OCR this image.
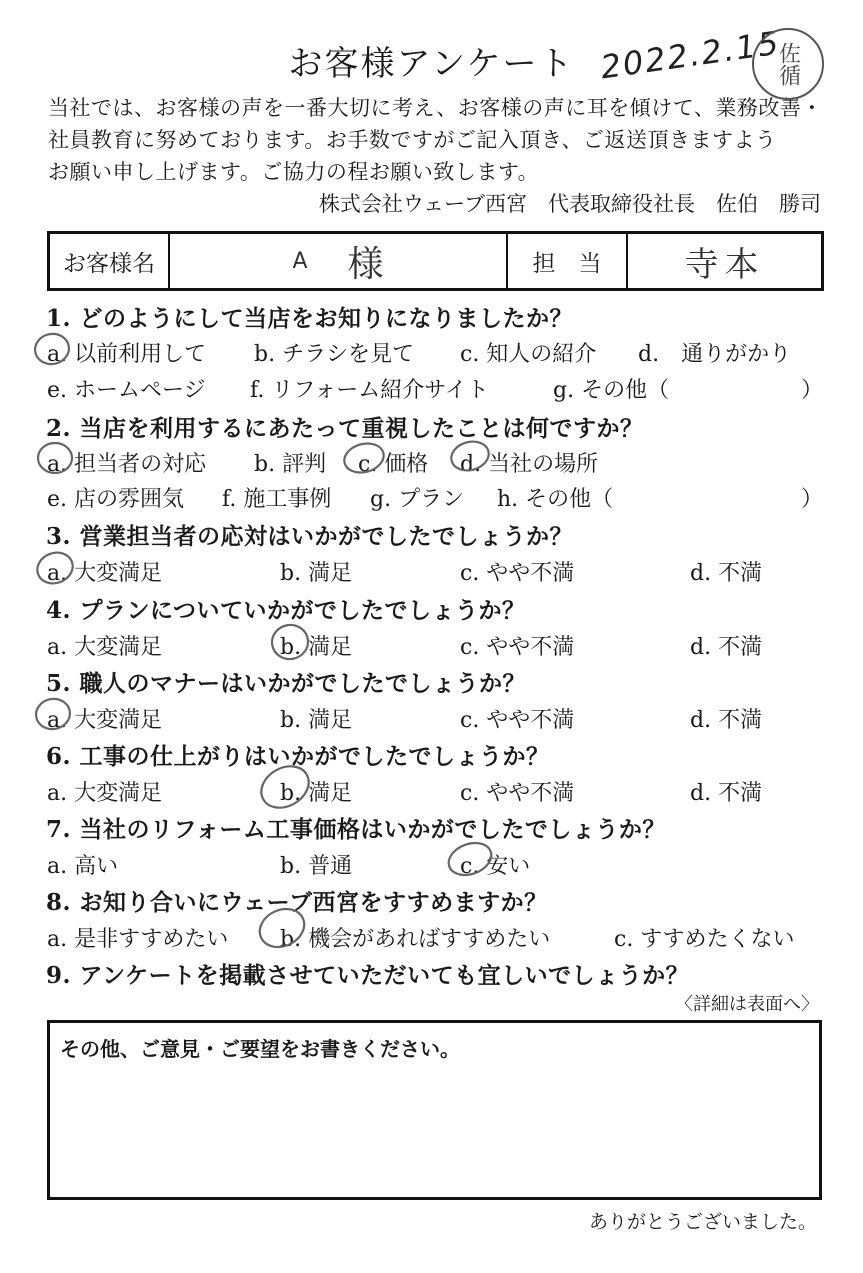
お客様アンケート
当社では、お客様の声を一番大切に考え、お客様の声に耳を傾けて、業務改善・
社員教育に努めております。お手数ですがご記入頂き、ご返送頂きますよう
お願い申し上げます。ご協力の程お願い致します。
株式会社ウェーブ西宮　代表取締役社長　佐伯　勝司
お客様名	A 様	担　当 寺本
1. どのようにして当店をお知りになりましたか？
a. 以前利用して b. チラシを見て c. 知人の紹介 d.　通りがかり
e. ホームページ f. リフォーム紹介サイト	g. その他（	）
2. 当店を利用するにあたって重視したことは何ですか？
a. 担当者の対応 b. 評判 c. 価格 d. 当社の場所
e. 店の雰囲気 f. 施工事例 g. プラン h. その他（	）
3. 営業担当者の応対はいかがでしたでしょうか？
a. 大変満足	b. 満足	c. やや不満	d. 不満
4. プランについていかがでしたでしょうか？
a. 大変満足	b. 満足	c. やや不満	d. 不満
5. 職人のマナーはいかがでしたでしょうか？
a. 大変満足	b. 満足	c. やや不満	d. 不満
6. 工事の仕上がりはいかがでしたでしょうか？
a. 大変満足	b. 満足	c. やや不満	d. 不満
7. 当社のリフォーム工事価格はいかがでしたでしょうか？
a. 高い	b. 普通	c. 安い
8. お知り合いにウェーブ西宮をすすめますか？
a. 是非すすめたい b. 機会があればすすめたい	c. すすめたくない
9. アンケートを掲載させていただいても宜しいでしょうか？
〈詳細は表面へ〉
その他、ご意見・ご要望をお書きください。
ありがとうございました。
2022.2.15
佐循
